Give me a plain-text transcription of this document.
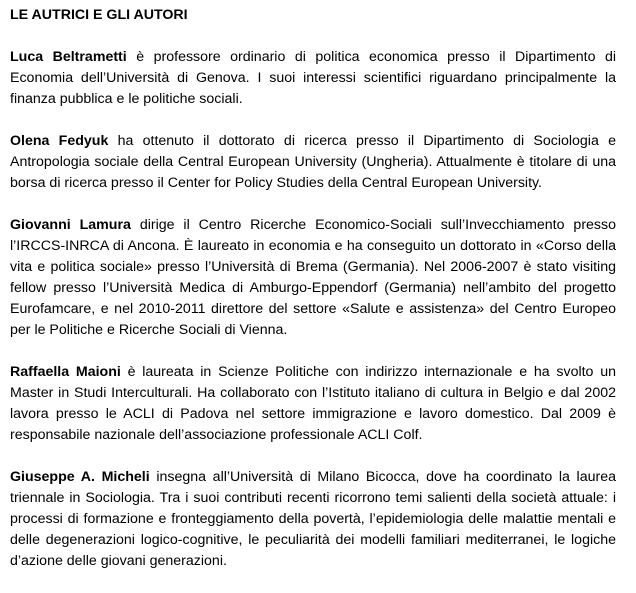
LE AUTRICI E GLI AUTORI

Luca Beltrametti è professore ordinario di politica economica presso il Dipartimento di Economia dell’Università di Genova. I suoi interessi scientifici riguardano principalmente la finanza pubblica e le politiche sociali.

Olena Fedyuk ha ottenuto il dottorato di ricerca presso il Dipartimento di Sociologia e Antropologia sociale della Central European University (Ungheria). Attualmente è titolare di una borsa di ricerca presso il Center for Policy Studies della Central European University.

Giovanni Lamura dirige il Centro Ricerche Economico-Sociali sull’Invecchiamento presso l’IRCCS-INRCA di Ancona. È laureato in economia e ha conseguito un dottorato in «Corso della vita e politica sociale» presso l’Università di Brema (Germania). Nel 2006-2007 è stato visiting fellow presso l’Università Medica di Amburgo-Eppendorf (Germania) nell’ambito del progetto Eurofamcare, e nel 2010-2011 direttore del settore «Salute e assistenza» del Centro Europeo per le Politiche e Ricerche Sociali di Vienna.

Raffaella Maioni è laureata in Scienze Politiche con indirizzo internazionale e ha svolto un Master in Studi Interculturali. Ha collaborato con l’Istituto italiano di cultura in Belgio e dal 2002 lavora presso le ACLI di Padova nel settore immigrazione e lavoro domestico. Dal 2009 è responsabile nazionale dell’associazione professionale ACLI Colf.

Giuseppe A. Micheli insegna all’Università di Milano Bicocca, dove ha coordinato la laurea triennale in Sociologia. Tra i suoi contributi recenti ricorrono temi salienti della società attuale: i processi di formazione e fronteggiamento della povertà, l’epidemiologia delle malattie mentali e delle degenerazioni logico-cognitive, le peculiarità dei modelli familiari mediterranei, le logiche d’azione delle giovani generazioni.
